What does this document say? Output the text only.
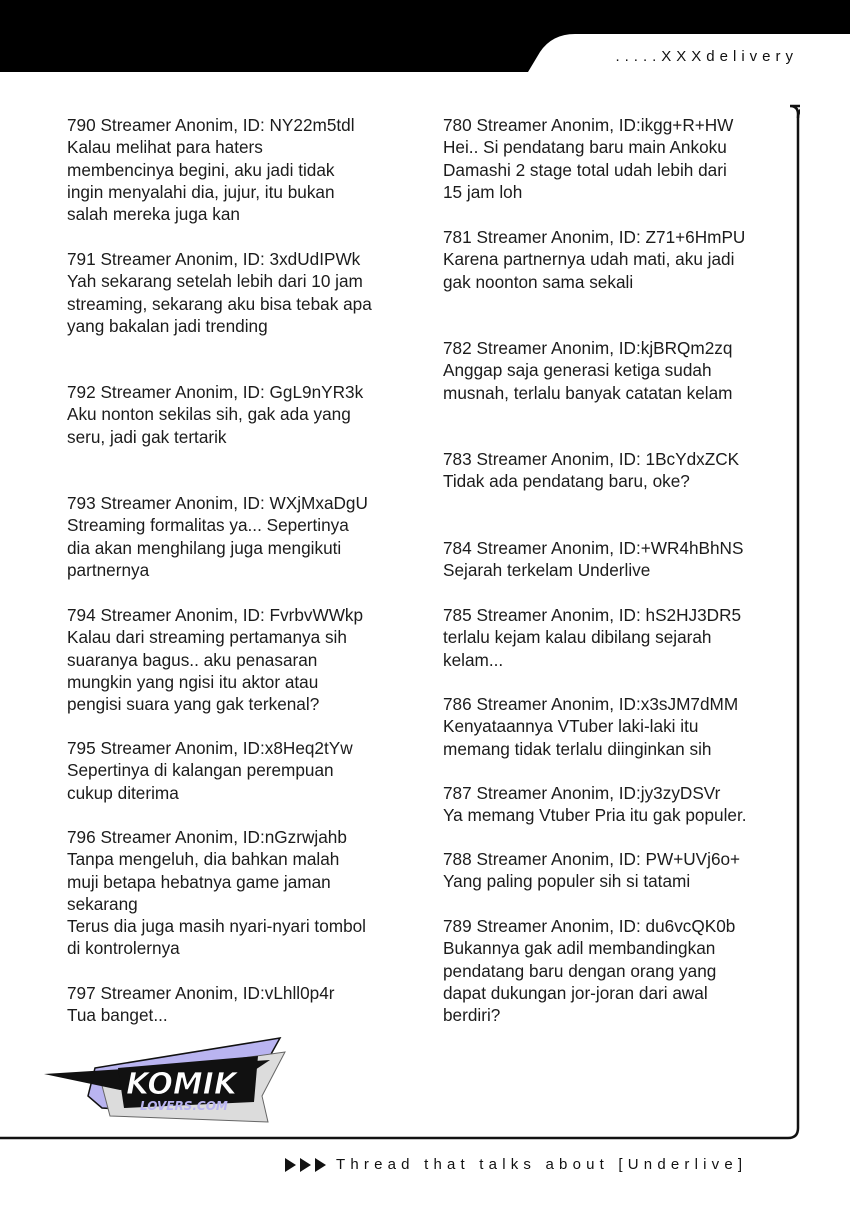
.....XXXdelivery
790 Streamer Anonim, ID: NY22m5tdl
Kalau melihat para haters
membencinya begini, aku jadi tidak
ingin menyalahi dia, jujur, itu bukan
salah mereka juga kan
791 Streamer Anonim, ID: 3xdUdIPWk
Yah sekarang setelah lebih dari 10 jam
streaming, sekarang aku bisa tebak apa
yang bakalan jadi trending
792 Streamer Anonim, ID: GgL9nYR3k
Aku nonton sekilas sih, gak ada yang
seru, jadi gak tertarik
793 Streamer Anonim, ID: WXjMxaDgU
Streaming formalitas ya... Sepertinya
dia akan menghilang juga mengikuti
partnernya
794 Streamer Anonim, ID: FvrbvWWkp
Kalau dari streaming pertamanya sih
suaranya bagus.. aku penasaran
mungkin yang ngisi itu aktor atau
pengisi suara yang gak terkenal?
795 Streamer Anonim, ID:x8Heq2tYw
Sepertinya di kalangan perempuan
cukup diterima
796 Streamer Anonim, ID:nGzrwjahb
Tanpa mengeluh, dia bahkan malah
muji betapa hebatnya game jaman
sekarang
Terus dia juga masih nyari-nyari tombol
di kontrolernya
797 Streamer Anonim, ID:vLhll0p4r
Tua banget...
780 Streamer Anonim, ID:ikgg+R+HW
Hei.. Si pendatang baru main Ankoku
Damashi 2 stage total udah lebih dari
15 jam loh
781 Streamer Anonim, ID: Z71+6HmPU
Karena partnernya udah mati, aku jadi
gak noonton sama sekali
782 Streamer Anonim, ID:kjBRQm2zq
Anggap saja generasi ketiga sudah
musnah, terlalu banyak catatan kelam
783 Streamer Anonim, ID: 1BcYdxZCK
Tidak ada pendatang baru, oke?
784 Streamer Anonim, ID:+WR4hBhNS
Sejarah terkelam Underlive
785 Streamer Anonim, ID: hS2HJ3DR5
terlalu kejam kalau dibilang sejarah
kelam...
786 Streamer Anonim, ID:x3sJM7dMM
Kenyataannya VTuber laki-laki itu
memang tidak terlalu diinginkan sih
787 Streamer Anonim, ID:jy3zyDSVr
Ya memang Vtuber Pria itu gak populer.
788 Streamer Anonim, ID: PW+UVj6o+
Yang paling populer sih si tatami
789 Streamer Anonim, ID: du6vcQK0b
Bukannya gak adil membandingkan
pendatang baru dengan orang yang
dapat dukungan jor-joran dari awal
berdiri?
KOMIK
LOVERS.COM
Thread that talks about [Underlive]
